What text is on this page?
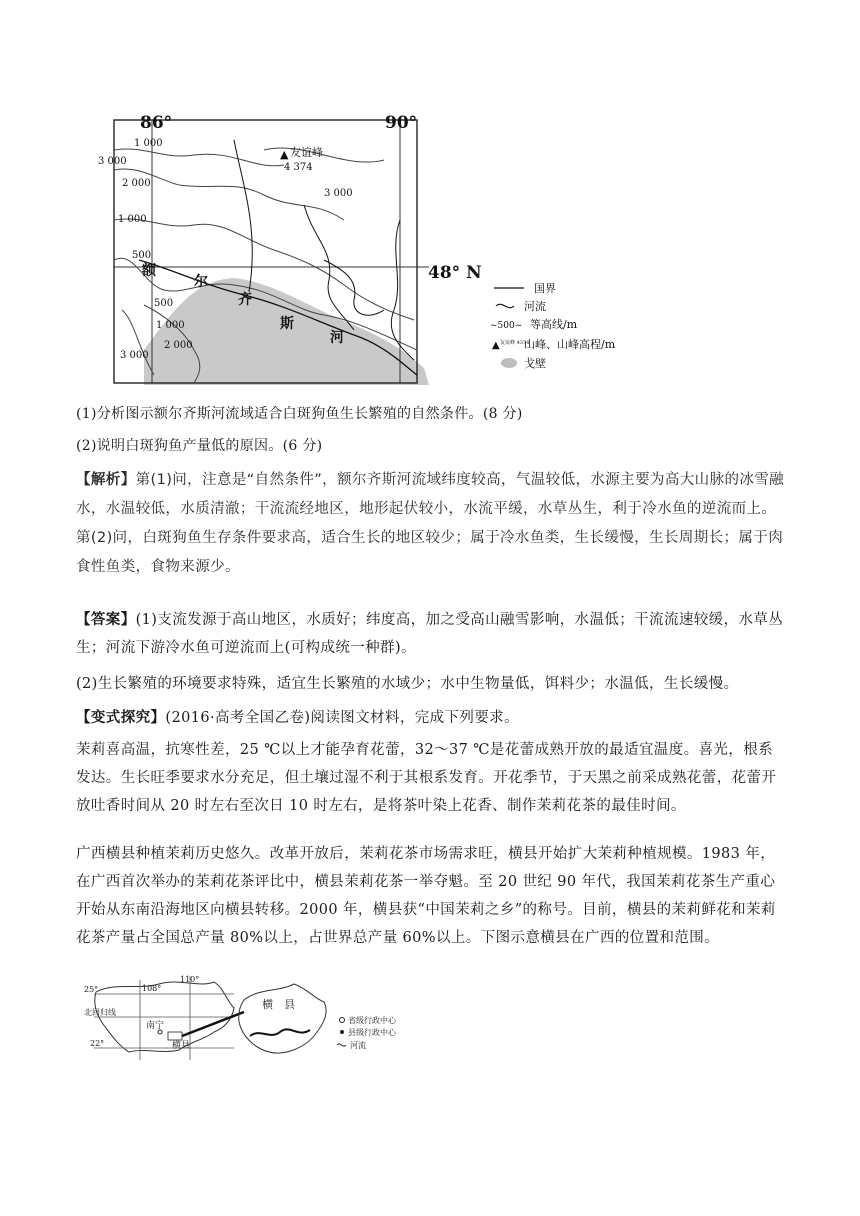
86°	90°
48° N
▲ 友谊峰
4 374
1 000
3 000
2 000
1 000
500
3 000
500
1 000
2 000
3 000
额
尔
齐
斯
河
国界
河流
~500~ 等高线/m
▲ 友谊峰 4374
山峰、山峰高程/m
戈壁
(1)分析图示额尔齐斯河流域适合白斑狗鱼生长繁殖的自然条件。(8 分)
(2)说明白斑狗鱼产量低的原因。(6 分)
【解析】第(1)问，注意是“自然条件”，额尔齐斯河流域纬度较高，气温较低，水源主要为高大山脉的冰雪融水，水温较低，水质清澈；干流流经地区，地形起伏较小，水流平缓，水草丛生，利于冷水鱼的逆流而上。第(2)问，白斑狗鱼生存条件要求高，适合生长的地区较少；属于冷水鱼类，生长缓慢，生长周期长；属于肉食性鱼类，食物来源少。
【答案】(1)支流发源于高山地区，水质好；纬度高，加之受高山融雪影响，水温低；干流流速较缓，水草丛生；河流下游冷水鱼可逆流而上(可构成统一种群)。
(2)生长繁殖的环境要求特殊，适宜生长繁殖的水域少；水中生物量低，饵料少；水温低，生长缓慢。
【变式探究】(2016·高考全国乙卷)阅读图文材料，完成下列要求。
茉莉喜高温，抗寒性差，25 ℃以上才能孕育花蕾，32～37 ℃是花蕾成熟开放的最适宜温度。喜光，根系发达。生长旺季要求水分充足，但土壤过湿不利于其根系发育。开花季节，于天黑之前采成熟花蕾，花蕾开放吐香时间从 20 时左右至次日 10 时左右，是将茶叶染上花香、制作茉莉花茶的最佳时间。
广西横县种植茉莉历史悠久。改革开放后，茉莉花茶市场需求旺，横县开始扩大茉莉种植规模。1983 年，在广西首次举办的茉莉花茶评比中，横县茉莉花茶一举夺魁。至 20 世纪 90 年代，我国茉莉花茶生产重心开始从东南沿海地区向横县转移。2000 年，横县获“中国茉莉之乡”的称号。目前，横县的茉莉鲜花和茉莉花茶产量占全国总产量 80%以上，占世界总产量 60%以上。下图示意横县在广西的位置和范围。
108°
110°
25°
北回归线
22°
南宁
横县
横　县
省级行政中心
县级行政中心
河流
